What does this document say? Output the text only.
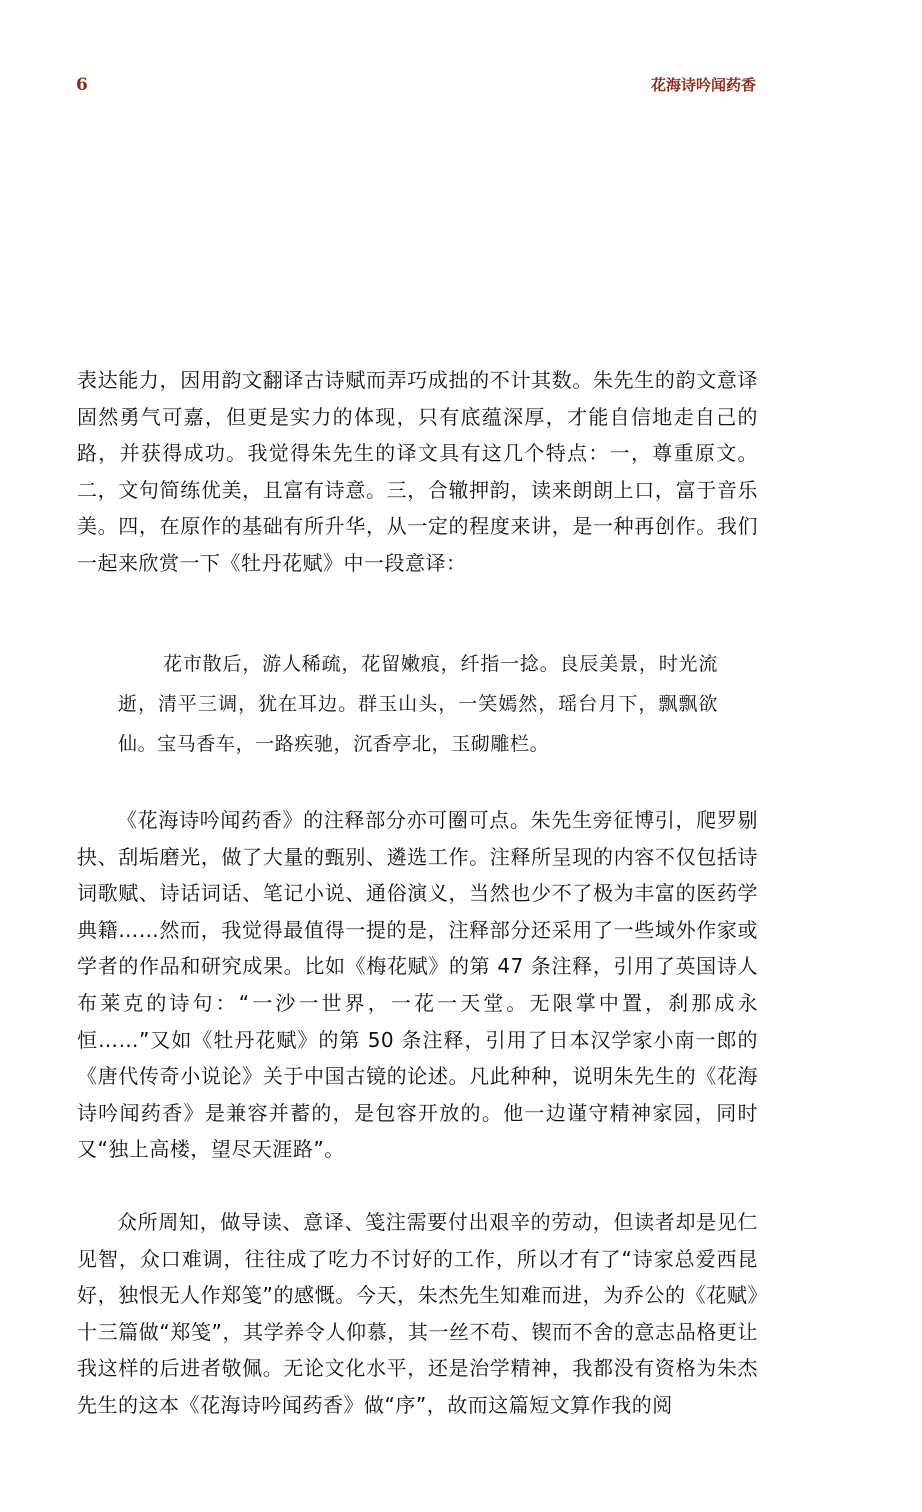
6	花海诗吟闻药香

表达能力，因用韵文翻译古诗赋而弄巧成拙的不计其数。朱先生的韵文意译固然勇气可嘉，但更是实力的体现，只有底蕴深厚，才能自信地走自己的路，并获得成功。我觉得朱先生的译文具有这几个特点：一，尊重原文。二，文句简练优美，且富有诗意。三，合辙押韵，读来朗朗上口，富于音乐美。四，在原作的基础有所升华，从一定的程度来讲，是一种再创作。我们一起来欣赏一下《牡丹花赋》中一段意译：

花市散后，游人稀疏，花留嫩痕，纤指一捻。良辰美景，时光流逝，清平三调，犹在耳边。群玉山头，一笑嫣然，瑶台月下，飘飘欲仙。宝马香车，一路疾驰，沉香亭北，玉砌雕栏。

《花海诗吟闻药香》的注释部分亦可圈可点。朱先生旁征博引，爬罗剔抉、刮垢磨光，做了大量的甄别、遴选工作。注释所呈现的内容不仅包括诗词歌赋、诗话词话、笔记小说、通俗演义，当然也少不了极为丰富的医药学典籍……然而，我觉得最值得一提的是，注释部分还采用了一些域外作家或学者的作品和研究成果。比如《梅花赋》的第 47 条注释，引用了英国诗人布莱克的诗句：“一沙一世界，一花一天堂。无限掌中置，刹那成永恒……”又如《牡丹花赋》的第 50 条注释，引用了日本汉学家小南一郎的《唐代传奇小说论》关于中国古镜的论述。凡此种种，说明朱先生的《花海诗吟闻药香》是兼容并蓄的，是包容开放的。他一边谨守精神家园，同时又“独上高楼，望尽天涯路”。

众所周知，做导读、意译、笺注需要付出艰辛的劳动，但读者却是见仁见智，众口难调，往往成了吃力不讨好的工作，所以才有了“诗家总爱西昆好，独恨无人作郑笺”的感慨。今天，朱杰先生知难而进，为乔公的《花赋》十三篇做“郑笺”，其学养令人仰慕，其一丝不苟、锲而不舍的意志品格更让我这样的后进者敬佩。无论文化水平，还是治学精神，我都没有资格为朱杰先生的这本《花海诗吟闻药香》做“序”，故而这篇短文算作我的阅
